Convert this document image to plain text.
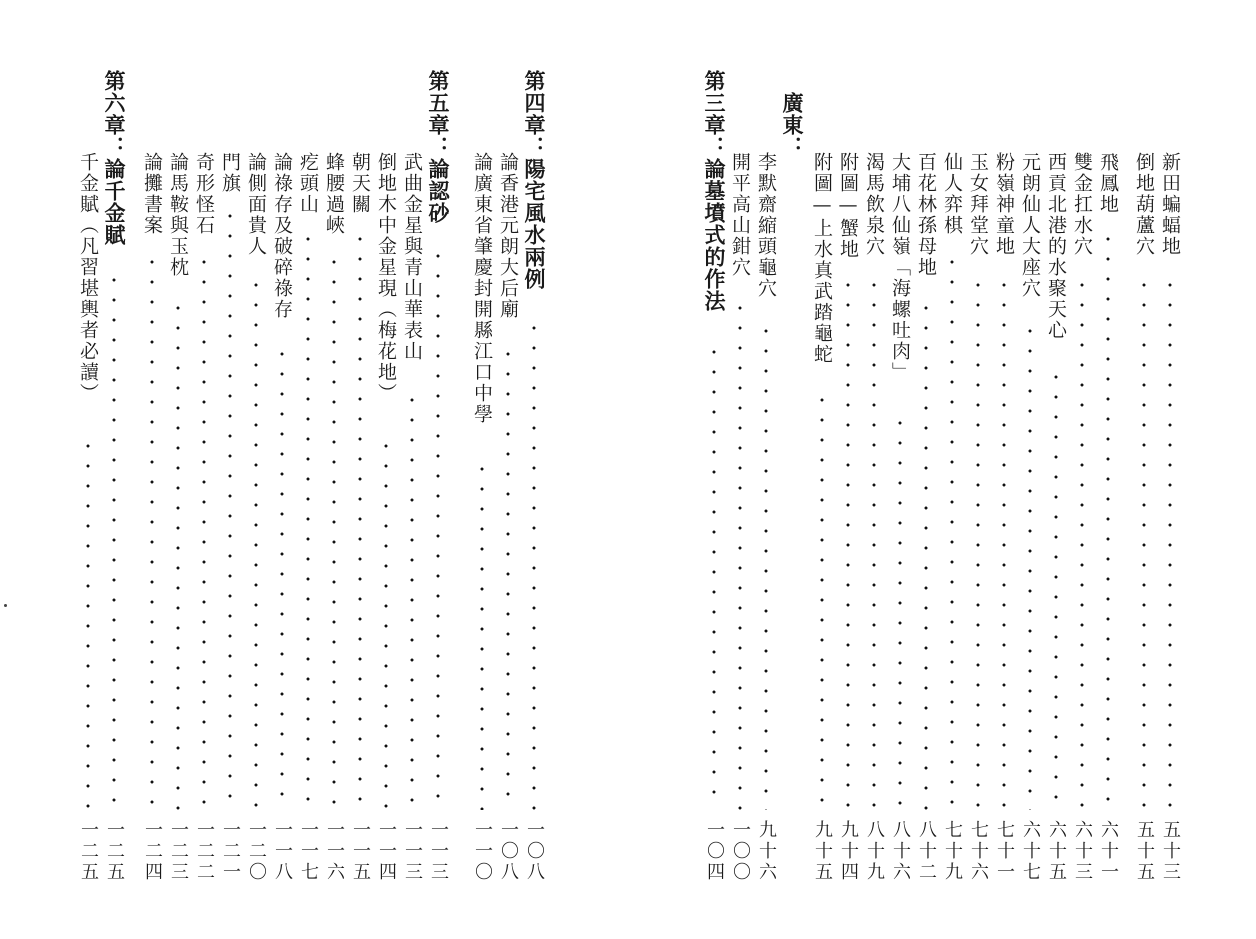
第四章：陽宅風水兩例
一〇八
論香港元朗大后廟
一〇八
論廣東省肇慶封開縣江口中學
一一〇
第五章：論認砂
一一三
武曲金星與青山華表山
一一三
倒地木中金星現（梅花地）
一一四
朝天關
一一五
蜂腰過峽
一一六
疙頭山
一一七
論祿存及破碎祿存
一一八
論側面貴人
一二〇
門旗
一二一
奇形怪石
一二二
論馬鞍與玉枕
一二三
論攤書案
一二四
第六章：論千金賦
一二五
千金賦（凡習堪輿者必讀）
一二五
新田蝙蝠地
五十三
倒地葫蘆穴
五十五
飛鳳地
六十一
雙金扛水穴
六十三
西貢北港的水聚天心
六十五
元朗仙人大座穴
六十七
粉嶺神童地
七十一
玉女拜堂穴
七十六
仙人弈棋
七十九
百花林孫母地
八十二
大埔八仙嶺「海螺吐肉」
八十六
渴馬飲泉穴
八十九
附圖—蟹地
九十四
附圖—上水真武踏龜蛇
九十五
廣東：
李默齋縮頭龜穴
九十六
開平高山鉗穴
一〇〇
第三章：論墓墳式的作法
一〇四
